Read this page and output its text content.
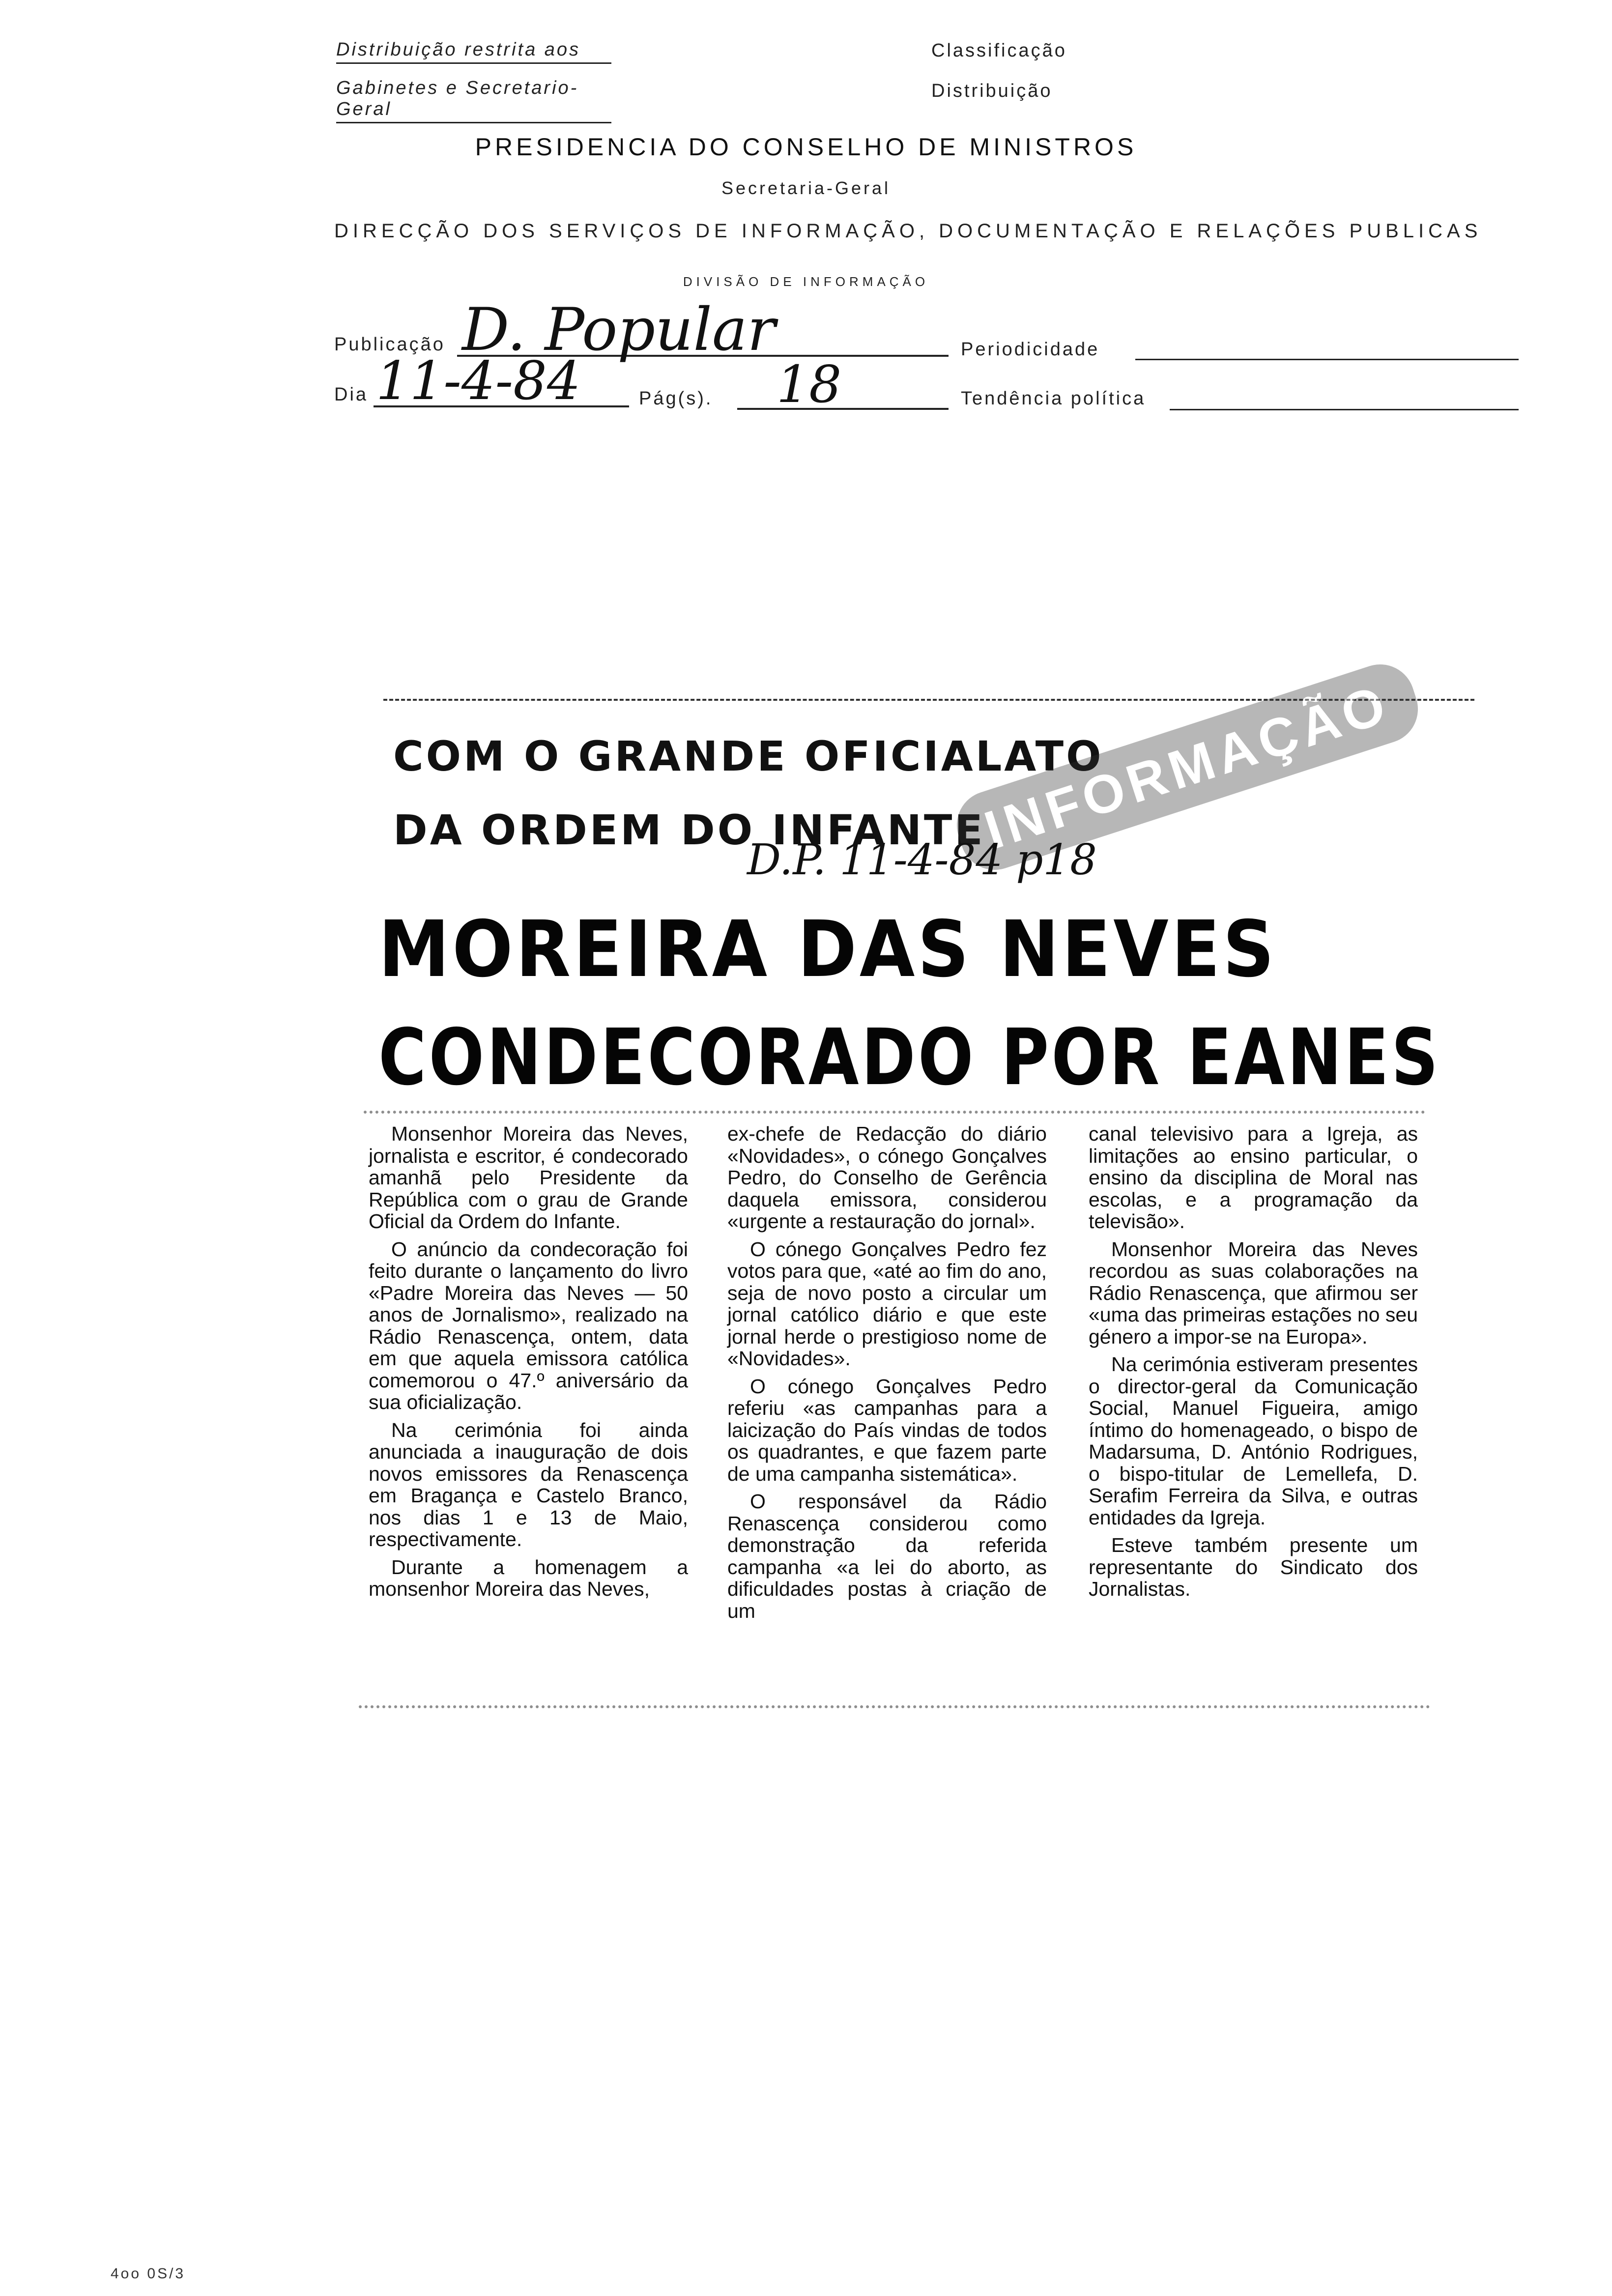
Distribuição restrita aos
Gabinetes e Secretario-Geral
Classificação
Distribuição
PRESIDENCIA DO CONSELHO DE MINISTROS
Secretaria-Geral
DIRECÇÃO DOS SERVIÇOS DE INFORMAÇÃO, DOCUMENTAÇÃO E RELAÇÕES PUBLICAS
DIVISÃO DE INFORMAÇÃO
Publicação D. Popular	Periodicidade
Dia 11-4-84	Pág(s). 18	Tendência política
COM O GRANDE OFICIALATO
DA ORDEM DO INFANTE
INFORMAÇÃO
D.P. 11-4-84 p18
MOREIRA DAS NEVES
CONDECORADO POR EANES

Monsenhor Moreira das Neves, jornalista e escritor, é condecorado amanhã pelo Presidente da República com o grau de Grande Oficial da Ordem do Infante.

O anúncio da condecoração foi feito durante o lançamento do livro «Padre Moreira das Neves — 50 anos de Jornalismo», realizado na Rádio Renascença, ontem, data em que aquela emissora católica comemorou o 47.º aniversário da sua oficialização.

Na cerimónia foi ainda anunciada a inauguração de dois novos emissores da Renascença em Bragança e Castelo Branco, nos dias 1 e 13 de Maio, respectivamente.

Durante a homenagem a monsenhor Moreira das Neves,

ex-chefe de Redacção do diário «Novidades», o cónego Gonçalves Pedro, do Conselho de Gerência daquela emissora, considerou «urgente a restauração do jornal».

O cónego Gonçalves Pedro fez votos para que, «até ao fim do ano, seja de novo posto a circular um jornal católico diário e que este jornal herde o prestigioso nome de «Novidades».

O cónego Gonçalves Pedro referiu «as campanhas para a laicização do País vindas de todos os quadrantes, e que fazem parte de uma campanha sistemática».

O responsável da Rádio Renascença considerou como demonstração da referida campanha «a lei do aborto, as dificuldades postas à criação de um

canal televisivo para a Igreja, as limitações ao ensino particular, o ensino da disciplina de Moral nas escolas, e a programação da televisão».

Monsenhor Moreira das Neves recordou as suas colaborações na Rádio Renascença, que afirmou ser «uma das primeiras estações no seu género a impor-se na Europa».

Na cerimónia estiveram presentes o director-geral da Comunicação Social, Manuel Figueira, amigo íntimo do homenageado, o bispo de Madarsuma, D. António Rodrigues, o bispo-titular de Lemellefa, D. Serafim Ferreira da Silva, e outras entidades da Igreja.

Esteve também presente um representante do Sindicato dos Jornalistas.

4oo 0S/3
